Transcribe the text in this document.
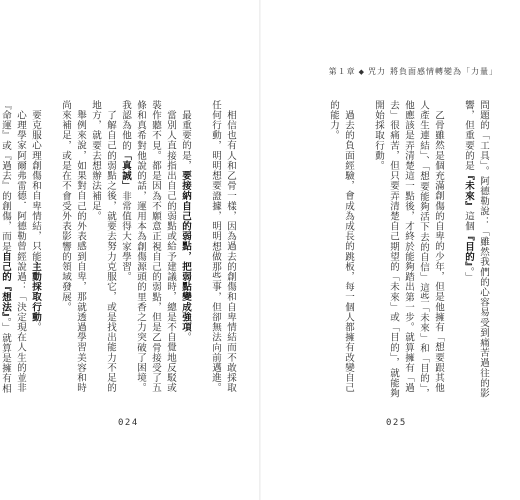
相信也有人和乙骨一樣，因為過去的創傷和自卑情結而不敢採取任何行動，明明想要證據，明明想做那些事，但卻無法向前邁進。

最重要的是，要接納自己的弱點，把弱點變成強項。

當別人直接指出自己的弱點或給予建議時，總是不自覺地反駁或裝作聽不見。都是因為不願意正視自己的弱點，但是乙骨接受了五條和真希對他說的話，運用本為創傷源頭的里香之力突破了困境。我認為他的「真誠」非常值得大家學習。

了解自己的弱點之後，就要去努力克服它，或是找出能力不足的地方，就要去想辦法補足。

舉例來說，如果對自己的外表感到自卑，那就透過學習美容和時尚來補足，或是在不會受外表影響的領域發展。

要克服心理創傷和自卑情結，只能主動採取行動。

心理學家阿爾弗雷德．阿德勒曾經說過：「決定現在人生的並非『命運』或『過去』的創傷，而是自己的『想法』。」就算是擁有相

024
第１章 ◆ 咒力 將負面感情轉變為「力量」

問題的「工具」。阿德勒說：「雖然我們的心容易受到痛苦過往的影響，但重要的是『未來』這個『目的』。」

乙骨雖然是個充滿創傷的自卑的少年，但是他擁有「想要跟其他人產生連結」、「想要能夠活下去的自信」這些「未來」和「目的」，他應該是弄清楚這一點後，才終於能夠踏出第一步。就算擁有「過去」很痛苦，但只要弄清楚自己期望的「未來」或「目的」，就能夠開始採取行動。

過去的負面經驗，會成為成長的跳板，每一個人都擁有改變自己的能力。

025
